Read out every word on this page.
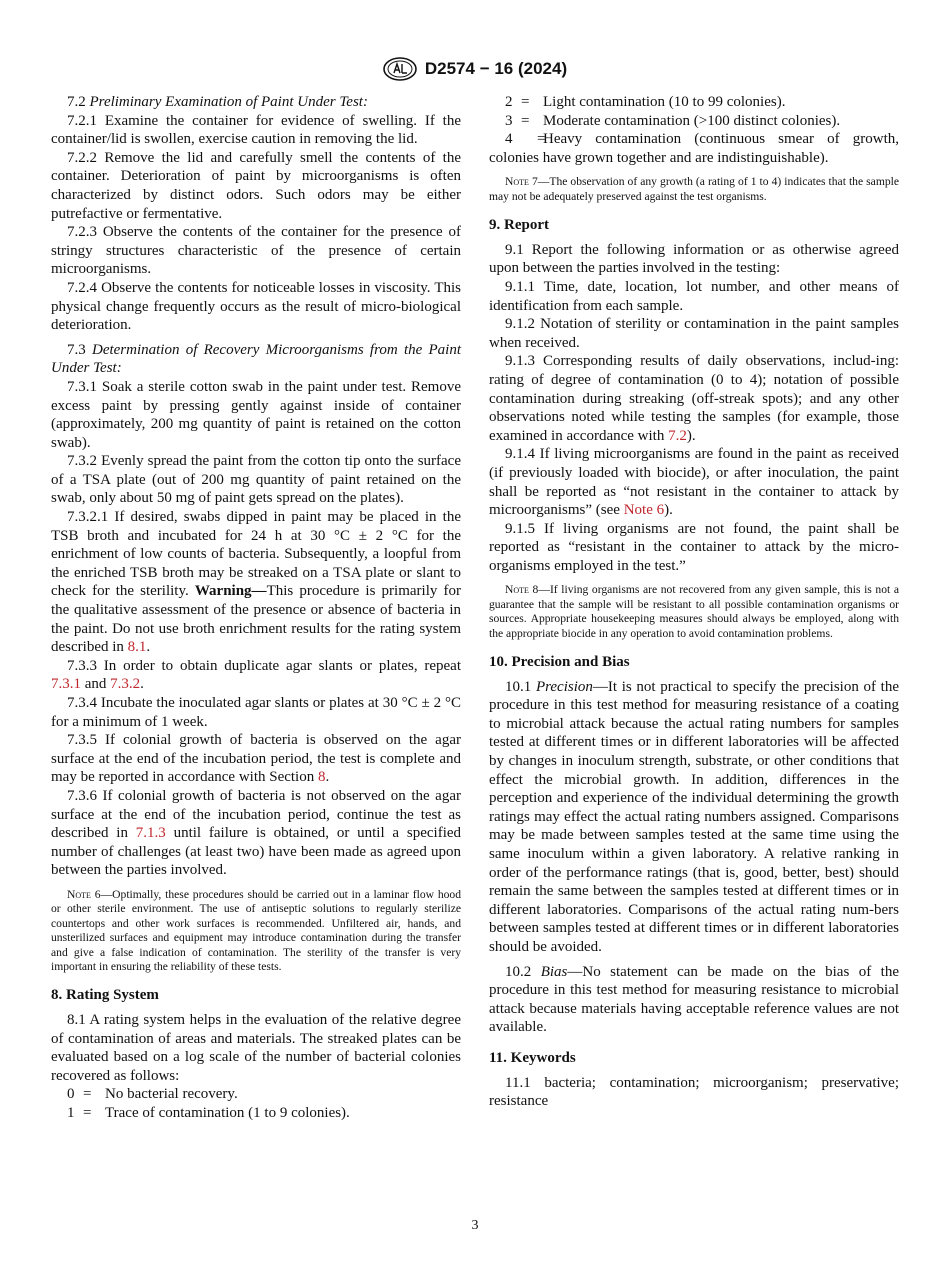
D2574 − 16 (2024)

7.2 Preliminary Examination of Paint Under Test:

7.2.1 Examine the container for evidence of swelling. If the container/lid is swollen, exercise caution in removing the lid.

7.2.2 Remove the lid and carefully smell the contents of the container. Deterioration of paint by microorganisms is often characterized by distinct odors. Such odors may be either putrefactive or fermentative.

7.2.3 Observe the contents of the container for the presence of stringy structures characteristic of the presence of certain microorganisms.

7.2.4 Observe the contents for noticeable losses in viscosity. This physical change frequently occurs as the result of micro-biological deterioration.

7.3 Determination of Recovery Microorganisms from the Paint Under Test:

7.3.1 Soak a sterile cotton swab in the paint under test. Remove excess paint by pressing gently against inside of container (approximately, 200 mg quantity of paint is retained on the cotton swab).

7.3.2 Evenly spread the paint from the cotton tip onto the surface of a TSA plate (out of 200 mg quantity of paint retained on the swab, only about 50 mg of paint gets spread on the plates).

7.3.2.1 If desired, swabs dipped in paint may be placed in the TSB broth and incubated for 24 h at 30 °C ± 2 °C for the enrichment of low counts of bacteria. Subsequently, a loopful from the enriched TSB broth may be streaked on a TSA plate or slant to check for the sterility. Warning—This procedure is primarily for the qualitative assessment of the presence or absence of bacteria in the paint. Do not use broth enrichment results for the rating system described in 8.1.

7.3.3 In order to obtain duplicate agar slants or plates, repeat 7.3.1 and 7.3.2.

7.3.4 Incubate the inoculated agar slants or plates at 30 °C ± 2 °C for a minimum of 1 week.

7.3.5 If colonial growth of bacteria is observed on the agar surface at the end of the incubation period, the test is complete and may be reported in accordance with Section 8.

7.3.6 If colonial growth of bacteria is not observed on the agar surface at the end of the incubation period, continue the test as described in 7.1.3 until failure is obtained, or until a specified number of challenges (at least two) have been made as agreed upon between the parties involved.

Note 6—Optimally, these procedures should be carried out in a laminar flow hood or other sterile environment. The use of antiseptic solutions to regularly sterilize countertops and other work surfaces is recommended. Unfiltered air, hands, and unsterilized surfaces and equipment may introduce contamination during the transfer and give a false indication of contamination. The sterility of the transfer is very important in ensuring the reliability of these tests.

8. Rating System

8.1 A rating system helps in the evaluation of the relative degree of contamination of areas and materials. The streaked plates can be evaluated based on a log scale of the number of bacterial colonies recovered as follows:

0 = No bacterial recovery.

1 = Trace of contamination (1 to 9 colonies).

2 = Light contamination (10 to 99 colonies).

3 = Moderate contamination (>100 distinct colonies).

4 =Heavy contamination (continuous smear of growth, colonies have grown together and are indistinguishable).

Note 7—The observation of any growth (a rating of 1 to 4) indicates that the sample may not be adequately preserved against the test organisms.

9. Report

9.1 Report the following information or as otherwise agreed upon between the parties involved in the testing:

9.1.1 Time, date, location, lot number, and other means of identification from each sample.

9.1.2 Notation of sterility or contamination in the paint samples when received.

9.1.3 Corresponding results of daily observations, includ-ing: rating of degree of contamination (0 to 4); notation of possible contamination during streaking (off-streak spots); and any other observations noted while testing the samples (for example, those examined in accordance with 7.2).

9.1.4 If living microorganisms are found in the paint as received (if previously loaded with biocide), or after inoculation, the paint shall be reported as “not resistant in the container to attack by microorganisms” (see Note 6).

9.1.5 If living organisms are not found, the paint shall be reported as “resistant in the container to attack by the micro-organisms employed in the test.”

Note 8—If living organisms are not recovered from any given sample, this is not a guarantee that the sample will be resistant to all possible contamination organisms or sources. Appropriate housekeeping measures should always be employed, along with the appropriate biocide in any operation to avoid contamination problems.

10. Precision and Bias

10.1 Precision—It is not practical to specify the precision of the procedure in this test method for measuring resistance of a coating to microbial attack because the actual rating numbers for samples tested at different times or in different laboratories will be affected by changes in inoculum strength, substrate, or other conditions that effect the microbial growth. In addition, differences in the perception and experience of the individual determining the growth ratings may effect the actual rating numbers assigned. Comparisons may be made between samples tested at the same time using the same inoculum within a given laboratory. A relative ranking in order of the performance ratings (that is, good, better, best) should remain the same between the samples tested at different times or in different laboratories. Comparisons of the actual rating num-bers between samples tested at different times or in different laboratories should be avoided.

10.2 Bias—No statement can be made on the bias of the procedure in this test method for measuring resistance to microbial attack because materials having acceptable reference values are not available.

11. Keywords

11.1 bacteria; contamination; microorganism; preservative; resistance

3
